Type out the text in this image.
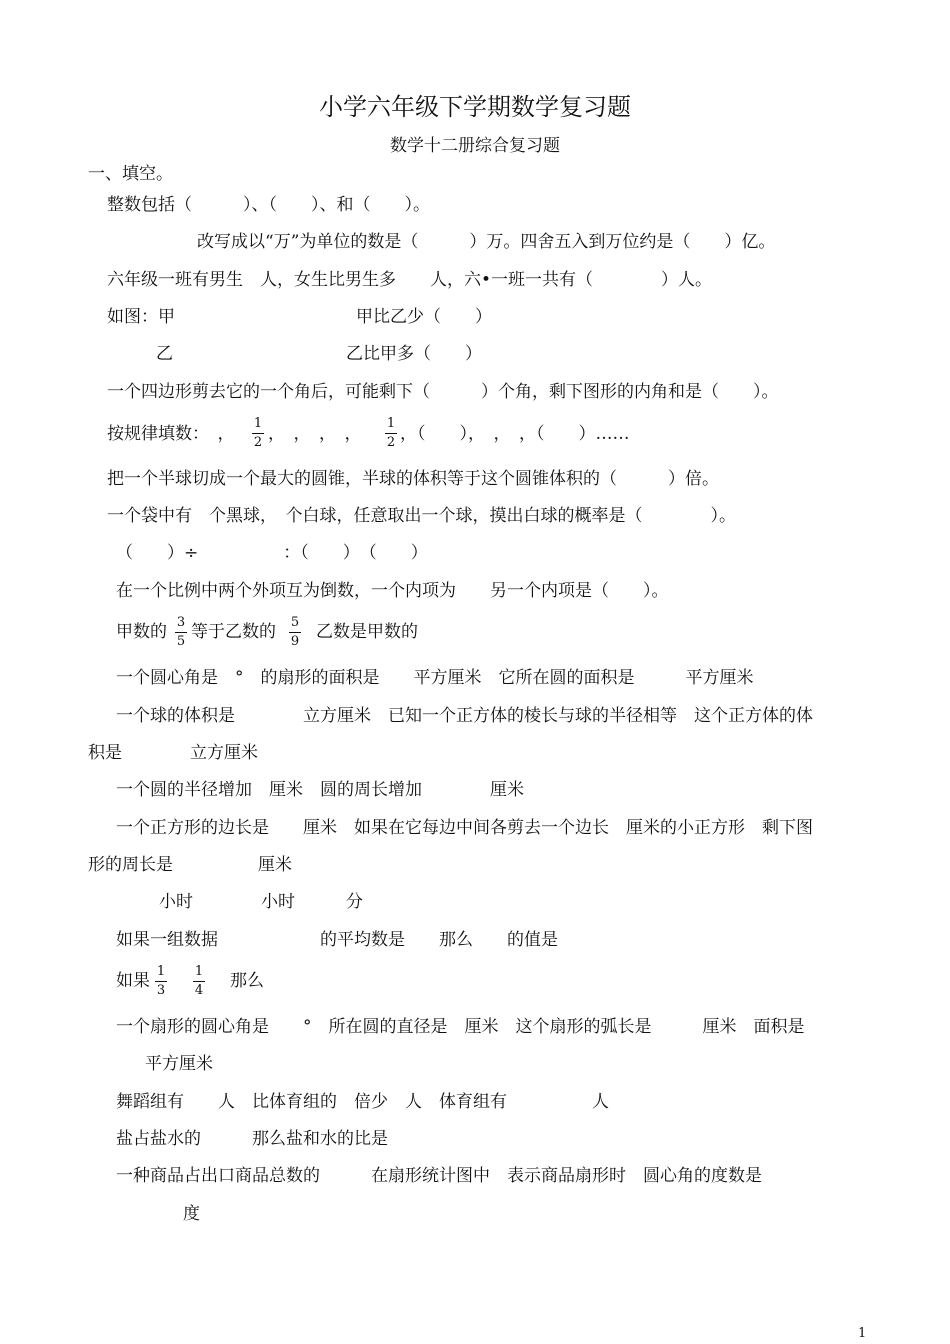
小学六年级下学期数学复习题
数学十二册综合复习题
一、填空。
整数包括（　　　）、（　　）、和（　　）。
改写成以“万”为单位的数是（　　　）万。四舍五入到万位约是（　　）亿。
六年级一班有男生　人，女生比男生多　　人，六•一班一共有（　　　　）人。
如图：甲	甲比乙少（　　）
乙	乙比甲多（　　）
一个四边形剪去它的一个角后，可能剩下（　　　）个角，剩下图形的内角和是（　　）。
按规律填数：　，
1
2 ，　，　，　，
1
2 ，（　　），　，　，（　　）……
把一个半球切成一个最大的圆锥，半球的体积等于这个圆锥体积的（　　　）倍。
一个袋中有　个黑球，　个白球，任意取出一个球，摸出白球的概率是（　　　　）。
（　　）÷　　　　　：（　　）　（　　）
在一个比例中两个外项互为倒数，一个内项为　　另一个内项是（　　）。
甲数的 3
5 等于乙数的 5
9 乙数是甲数的
一个圆心角是　°　的扇形的面积是　　平方厘米　它所在圆的面积是　　　平方厘米
一个球的体积是　　　　立方厘米　已知一个正方体的棱长与球的半径相等　这个正方体的体
积是　　　　立方厘米
一个圆的半径增加　厘米　圆的周长增加　　　　厘米
一个正方形的边长是　　厘米　如果在它每边中间各剪去一个边长　厘米的小正方形　剩下图
形的周长是　　　　　厘米
小时　　　　小时　　　分
如果一组数据　　　　　　的平均数是　　那么　　的值是
如果 1
3
1
4 那么
一个扇形的圆心角是　　°　所在圆的直径是　厘米　这个扇形的弧长是　　　厘米　面积是
平方厘米
舞蹈组有　　人　比体育组的　倍少　人　体育组有　　　　　人
盐占盐水的　　　那么盐和水的比是
一种商品占出口商品总数的　　　在扇形统计图中　表示商品扇形时　圆心角的度数是
度
1
